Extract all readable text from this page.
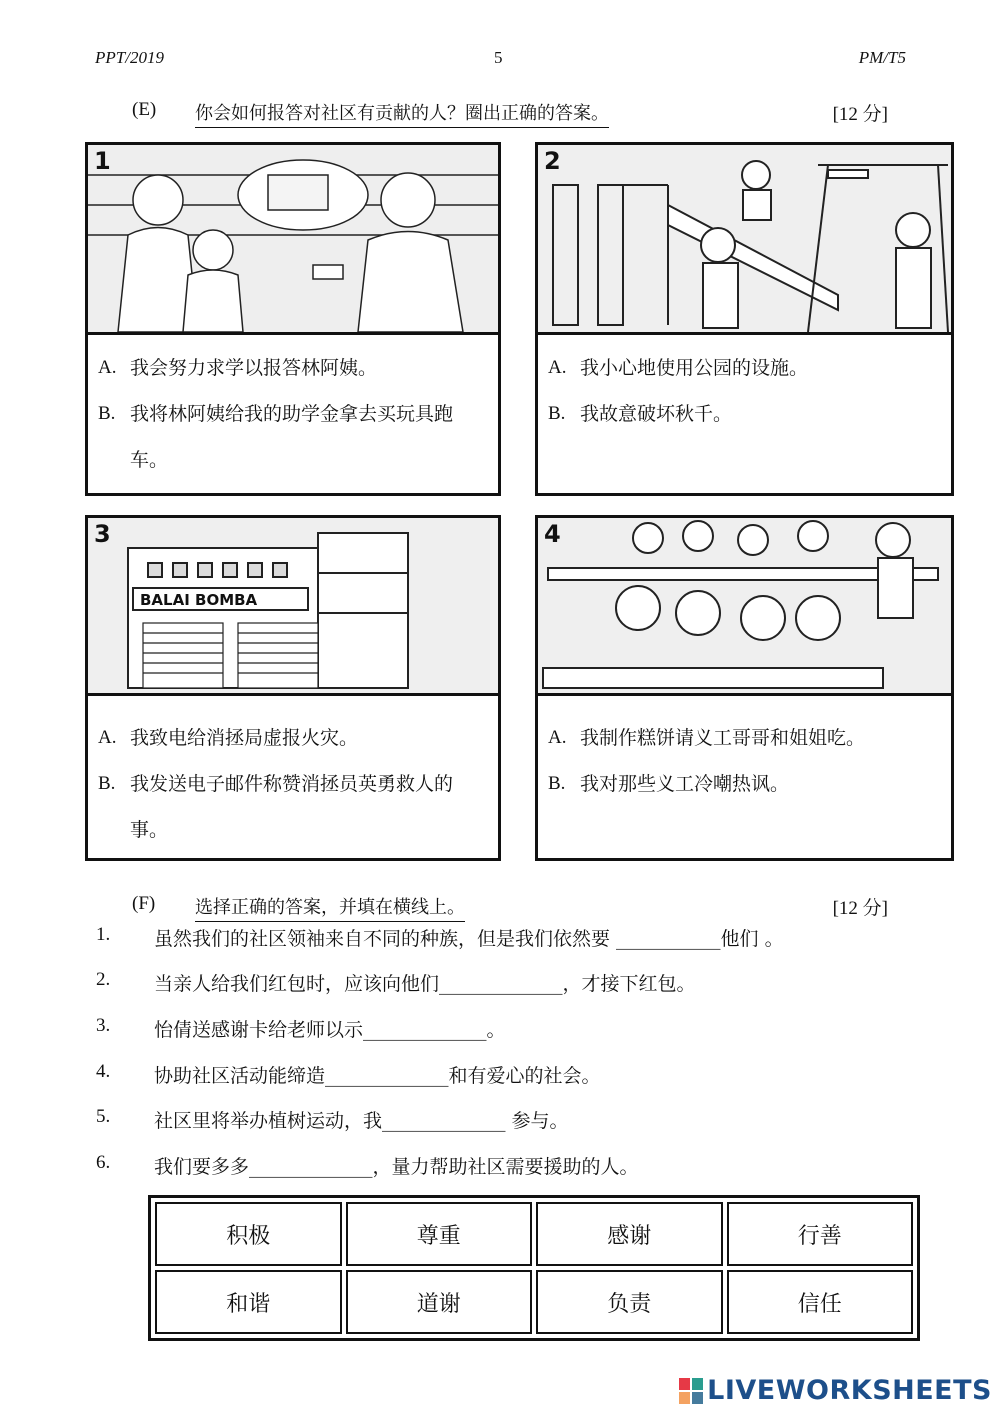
PPT/2019	5	PM/T5
(E) 你会如何报答对社区有贡献的人？圈出正确的答案。	[12 分]
1
A. 我会努力求学以报答林阿姨。
B. 我将林阿姨给我的助学金拿去买玩具跑车。
2
A. 我小心地使用公园的设施。
B. 我故意破坏秋千。
BALAI BOMBA
3
A. 我致电给消拯局虚报火灾。
B. 我发送电子邮件称赞消拯员英勇救人的事。
4
A. 我制作糕饼请义工哥哥和姐姐吃。
B. 我对那些义工冷嘲热讽。
(F) 选择正确的答案，并填在横线上。	[12 分]
1.	虽然我们的社区领袖来自不同的种族，但是我们依然要 ___________他们 。
2.	当亲人给我们红包时，应该向他们_____________，才接下红包。
3.	怡倩送感谢卡给老师以示_____________。
4.	协助社区活动能缔造_____________和有爱心的社会。
5.	社区里将举办植树运动，我_____________ 参与。
6.	我们要多多_____________，量力帮助社区需要援助的人。
积极	尊重	感谢	行善
和谐	道谢	负责	信任
LIVEWORKSHEETS
